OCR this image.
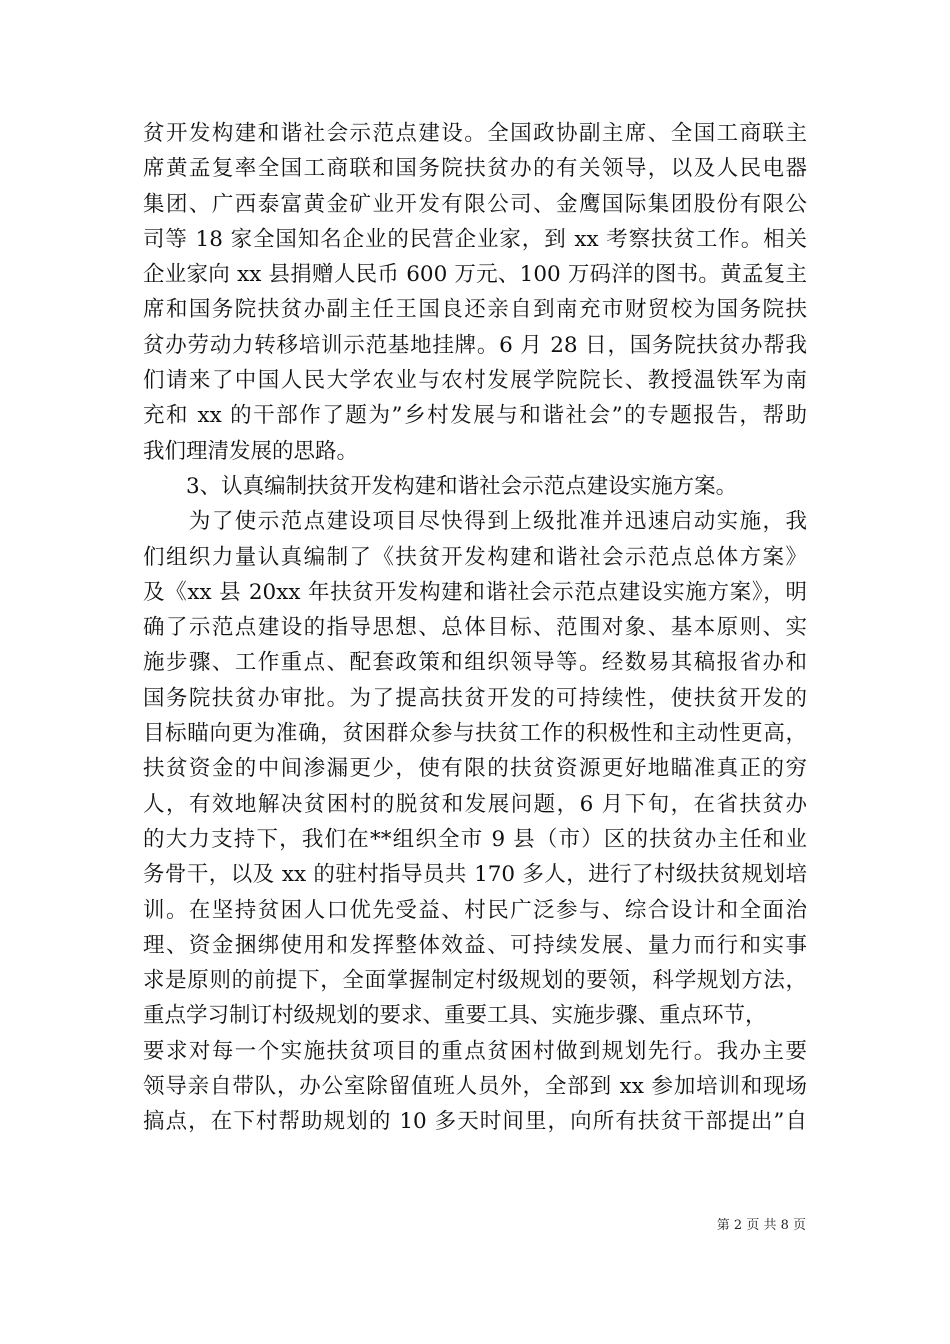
贫开发构建和谐社会示范点建设。全国政协副主席、全国工商联主
席黄孟复率全国工商联和国务院扶贫办的有关领导，以及人民电器
集团、广西泰富黄金矿业开发有限公司、金鹰国际集团股份有限公
司等 18 家全国知名企业的民营企业家，到 xx 考察扶贫工作。相关
企业家向 xx 县捐赠人民币 600 万元、100 万码洋的图书。黄孟复主
席和国务院扶贫办副主任王国良还亲自到南充市财贸校为国务院扶
贫办劳动力转移培训示范基地挂牌。6 月 28 日，国务院扶贫办帮我
们请来了中国人民大学农业与农村发展学院院长、教授温铁军为南
充和 xx 的干部作了题为”乡村发展与和谐社会”的专题报告，帮助
我们理清发展的思路。
　　3、认真编制扶贫开发构建和谐社会示范点建设实施方案。
　　为了使示范点建设项目尽快得到上级批准并迅速启动实施，我
们组织力量认真编制了《扶贫开发构建和谐社会示范点总体方案》
及《xx 县 20xx 年扶贫开发构建和谐社会示范点建设实施方案》，明
确了示范点建设的指导思想、总体目标、范围对象、基本原则、实
施步骤、工作重点、配套政策和组织领导等。经数易其稿报省办和
国务院扶贫办审批。为了提高扶贫开发的可持续性，使扶贫开发的
目标瞄向更为准确，贫困群众参与扶贫工作的积极性和主动性更高，
扶贫资金的中间渗漏更少，使有限的扶贫资源更好地瞄准真正的穷
人，有效地解决贫困村的脱贫和发展问题，6 月下旬，在省扶贫办
的大力支持下，我们在**组织全市 9 县（市）区的扶贫办主任和业
务骨干，以及 xx 的驻村指导员共 170 多人，进行了村级扶贫规划培
训。在坚持贫困人口优先受益、村民广泛参与、综合设计和全面治
理、资金捆绑使用和发挥整体效益、可持续发展、量力而行和实事
求是原则的前提下，全面掌握制定村级规划的要领，科学规划方法，
重点学习制订村级规划的要求、重要工具、实施步骤、重点环节，
要求对每一个实施扶贫项目的重点贫困村做到规划先行。我办主要
领导亲自带队，办公室除留值班人员外，全部到 xx 参加培训和现场
搞点，在下村帮助规划的 10 多天时间里，向所有扶贫干部提出”自
第 2 页 共 8 页
